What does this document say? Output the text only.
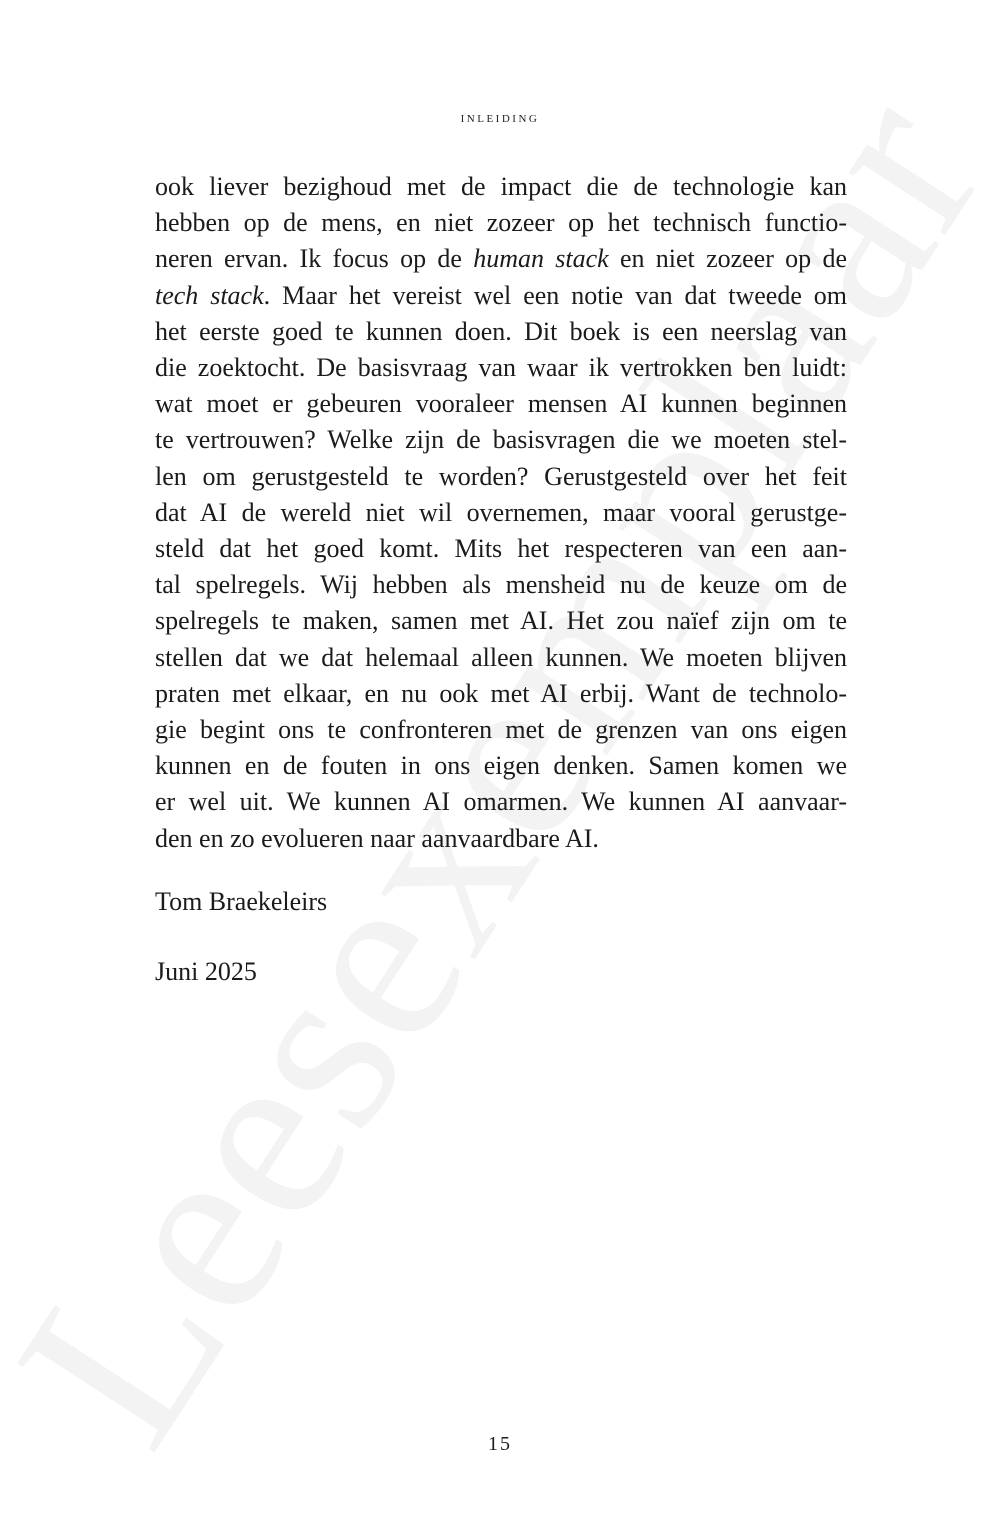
inleiding
ook liever bezighoud met de impact die de technologie kan
hebben op de mens, en niet zozeer op het technisch functio-
neren ervan. Ik focus op de human stack en niet zozeer op de
tech stack. Maar het vereist wel een notie van dat tweede om
het eerste goed te kunnen doen. Dit boek is een neerslag van
die zoektocht. De basisvraag van waar ik vertrokken ben luidt:
wat moet er gebeuren vooraleer mensen AI kunnen beginnen
te vertrouwen? Welke zijn de basisvragen die we moeten stel-
len om gerustgesteld te worden? Gerustgesteld over het feit
dat AI de wereld niet wil overnemen, maar vooral gerustge-
steld dat het goed komt. Mits het respecteren van een aan-
tal spelregels. Wij hebben als mensheid nu de keuze om de
spelregels te maken, samen met AI. Het zou naïef zijn om te
stellen dat we dat helemaal alleen kunnen. We moeten blijven
praten met elkaar, en nu ook met AI erbij. Want de technolo-
gie begint ons te confronteren met de grenzen van ons eigen
kunnen en de fouten in ons eigen denken. Samen komen we
er wel uit. We kunnen AI omarmen. We kunnen AI aanvaar-
den en zo evolueren naar aanvaardbare AI.
Tom Braekeleirs
Juni 2025
15
